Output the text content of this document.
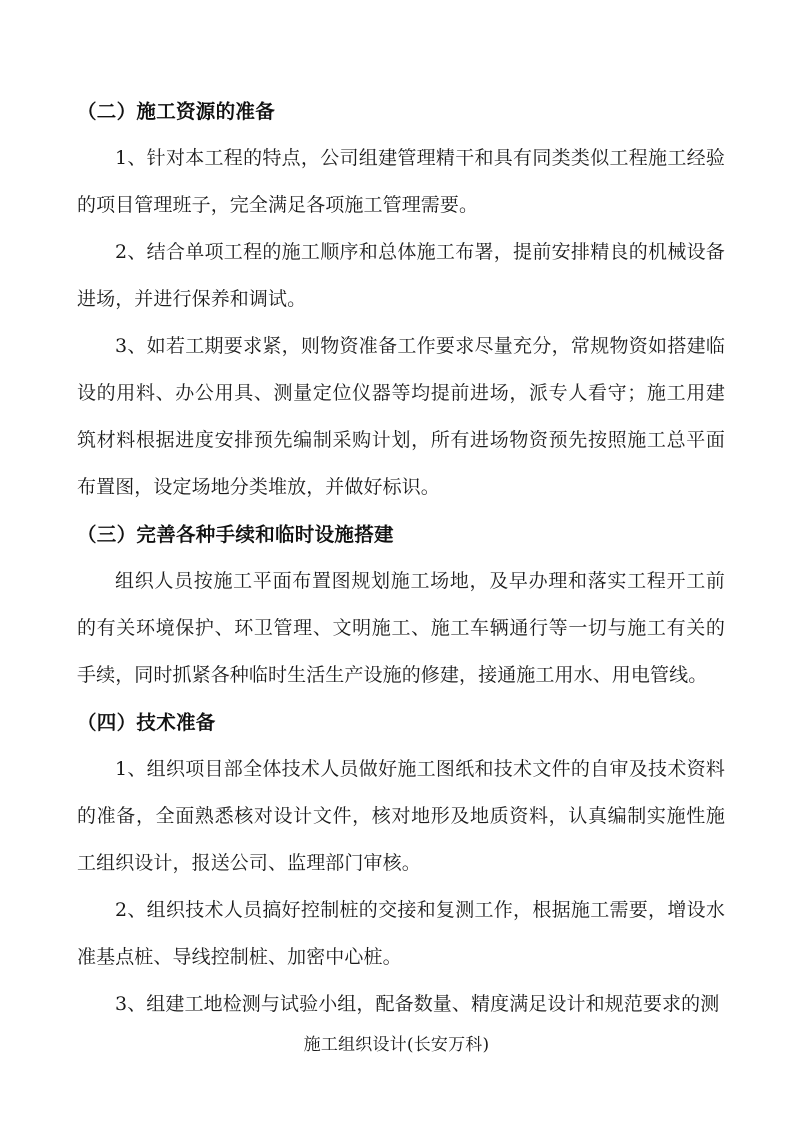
（二）施工资源的准备

1、针对本工程的特点，公司组建管理精干和具有同类类似工程施工经验的项目管理班子，完全满足各项施工管理需要。

2、结合单项工程的施工顺序和总体施工布署，提前安排精良的机械设备进场，并进行保养和调试。

3、如若工期要求紧，则物资准备工作要求尽量充分，常规物资如搭建临设的用料、办公用具、测量定位仪器等均提前进场，派专人看守；施工用建筑材料根据进度安排预先编制采购计划，所有进场物资预先按照施工总平面布置图，设定场地分类堆放，并做好标识。

（三）完善各种手续和临时设施搭建

组织人员按施工平面布置图规划施工场地，及早办理和落实工程开工前的有关环境保护、环卫管理、文明施工、施工车辆通行等一切与施工有关的手续，同时抓紧各种临时生活生产设施的修建，接通施工用水、用电管线。

（四）技术准备

1、组织项目部全体技术人员做好施工图纸和技术文件的自审及技术资料的准备，全面熟悉核对设计文件，核对地形及地质资料，认真编制实施性施工组织设计，报送公司、监理部门审核。

2、组织技术人员搞好控制桩的交接和复测工作，根据施工需要，增设水准基点桩、导线控制桩、加密中心桩。

3、组建工地检测与试验小组，配备数量、精度满足设计和规范要求的测

施工组织设计(长安万科)
